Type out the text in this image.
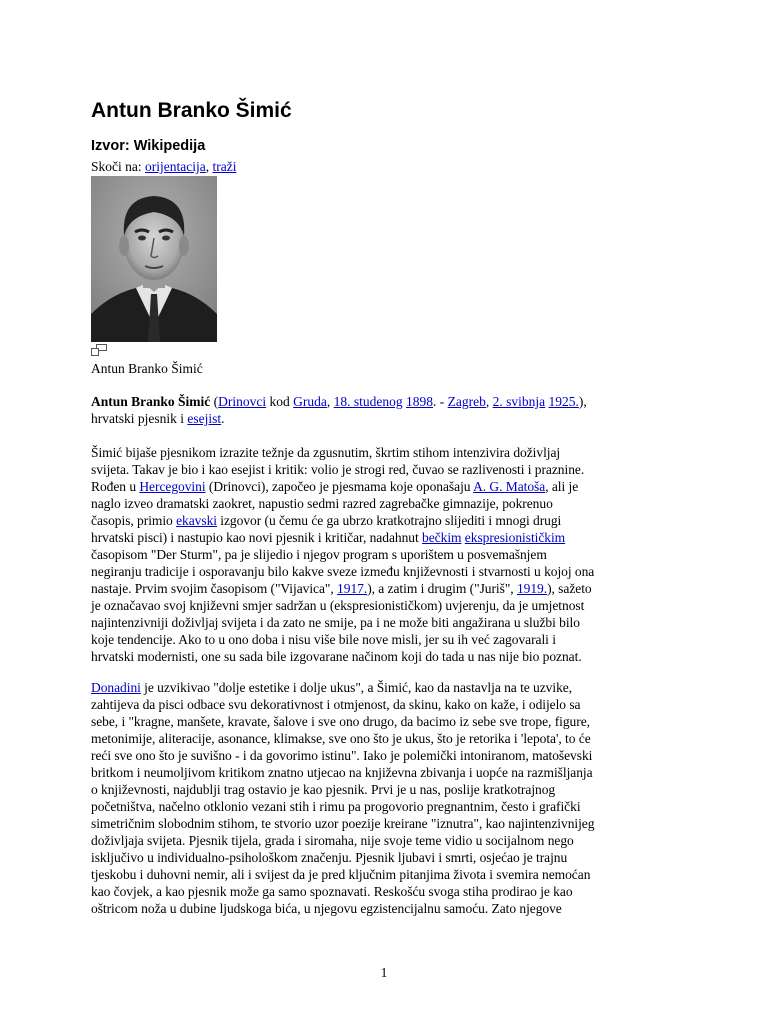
Antun Branko Šimić
Izvor: Wikipedija
Skoči na: orijentacija, traži
Antun Branko Šimić

Antun Branko Šimić (Drinovci kod Gruda, 18. studenog 1898. - Zagreb, 2. svibnja 1925.),
hrvatski pjesnik i esejist.

Šimić bijaše pjesnikom izrazite težnje da zgusnutim, škrtim stihom intenzivira doživljaj
svijeta. Takav je bio i kao esejist i kritik: volio je strogi red, čuvao se razlivenosti i praznine.
Rođen u Hercegovini (Drinovci), započeo je pjesmama koje oponašaju A. G. Matoša, ali je
naglo izveo dramatski zaokret, napustio sedmi razred zagrebačke gimnazije, pokrenuo
časopis, primio ekavski izgovor (u čemu će ga ubrzo kratkotrajno slijediti i mnogi drugi
hrvatski pisci) i nastupio kao novi pjesnik i kritičar, nadahnut bečkim ekspresionističkim
časopisom "Der Sturm", pa je slijedio i njegov program s uporištem u posvemašnjem
negiranju tradicije i osporavanju bilo kakve sveze između književnosti i stvarnosti u kojoj ona
nastaje. Prvim svojim časopisom ("Vijavica", 1917.), a zatim i drugim ("Juriš", 1919.), sažeto
je označavao svoj književni smjer sadržan u (ekspresionističkom) uvjerenju, da je umjetnost
najintenzivniji doživljaj svijeta i da zato ne smije, pa i ne može biti angažirana u službi bilo
koje tendencije. Ako to u ono doba i nisu više bile nove misli, jer su ih već zagovarali i
hrvatski modernisti, one su sada bile izgovarane načinom koji do tada u nas nije bio poznat.
Donadini je uzvikivao "dolje estetike i dolje ukus", a Šimić, kao da nastavlja na te uzvike,
zahtijeva da pisci odbace svu dekorativnost i otmjenost, da skinu, kako on kaže, i odijelo sa
sebe, i "kragne, manšete, kravate, šalove i sve ono drugo, da bacimo iz sebe sve trope, figure,
metonimije, aliteracije, asonance, klimakse, sve ono što je ukus, što je retorika i 'lepota', to će
reći sve ono što je suvišno - i da govorimo istinu". Iako je polemički intoniranom, matoševski
britkom i neumoljivom kritikom znatno utjecao na književna zbivanja i uopće na razmišljanja
o književnosti, najdublji trag ostavio je kao pjesnik. Prvi je u nas, poslije kratkotrajnog
početništva, načelno otklonio vezani stih i rimu pa progovorio pregnantnim, često i grafički
simetričnim slobodnim stihom, te stvorio uzor poezije kreirane "iznutra", kao najintenzivnijeg
doživljaja svijeta. Pjesnik tijela, grada i siromaha, nije svoje teme vidio u socijalnom nego
isključivo u individualno-psihološkom značenju. Pjesnik ljubavi i smrti, osjećao je trajnu
tjeskobu i duhovni nemir, ali i svijest da je pred ključnim pitanjima života i svemira nemoćan
kao čovjek, a kao pjesnik može ga samo spoznavati. Reskošću svoga stiha prodirao je kao
oštricom noža u dubine ljudskoga bića, u njegovu egzistencijalnu samoću. Zato njegove
1
